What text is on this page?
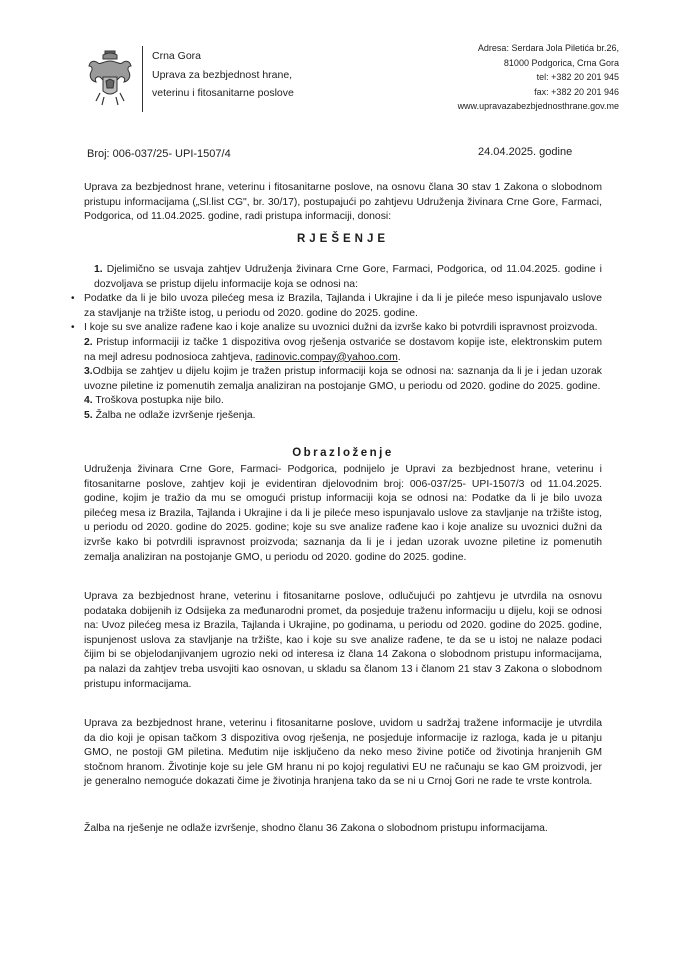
Crna Gora
Uprava za bezbjednost hrane,
veterinu i fitosanitarne poslove
Adresa: Serdara Jola Piletića br.26,
81000 Podgorica, Crna Gora
tel: +382 20 201 945
fax: +382 20 201 946
www.upravazabezbjednosthrane.gov.me
Broj: 006-037/25- UPI-1507/4	24.04.2025. godine
Uprava za bezbjednost hrane, veterinu i fitosanitarne poslove, na osnovu člana 30 stav 1 Zakona o slobodnom pristupu informacijama („Sl.list CG", br. 30/17), postupajući po zahtjevu Udruženja živinara Crne Gore, Farmaci, Podgorica, od 11.04.2025. godine, radi pristupa informaciji, donosi:
RJEŠENJE
1. Djelimično se usvaja zahtjev Udruženja živinara Crne Gore, Farmaci, Podgorica, od 11.04.2025. godine i dozvoljava se pristup dijelu informacije koja se odnosi na:
• Podatke da li je bilo uvoza pilećeg mesa iz Brazila, Tajlanda i Ukrajine i da li je pileće meso ispunjavalo uslove za stavljanje na tržište istog, u periodu od 2020. godine do 2025. godine.
• I koje su sve analize rađene kao i koje analize su uvoznici dužni da izvrše kako bi potvrdili ispravnost proizvoda.
2. Pristup informaciji iz tačke 1 dispozitiva ovog rješenja ostvariće se dostavom kopije iste, elektronskim putem na mejl adresu podnosioca zahtjeva, radinovic.compay@yahoo.com.
3.Odbija se zahtjev u dijelu kojim je tražen pristup informaciji koja se odnosi na: saznanja da li je i jedan uzorak uvozne piletine iz pomenutih zemalja analiziran na postojanje GMO, u periodu od 2020. godine do 2025. godine.
4. Troškova postupka nije bilo.
5. Žalba ne odlaže izvršenje rješenja.
Obrazloženje
Udruženja živinara Crne Gore, Farmaci- Podgorica, podnijelo je Upravi za bezbjednost hrane, veterinu i fitosanitarne poslove, zahtjev koji je evidentiran djelovodnim broj: 006-037/25- UPI-1507/3 od 11.04.2025. godine, kojim je tražio da mu se omogući pristup informaciji koja se odnosi na: Podatke da li je bilo uvoza pilećeg mesa iz Brazila, Tajlanda i Ukrajine i da li je pileće meso ispunjavalo uslove za stavljanje na tržište istog, u periodu od 2020. godine do 2025. godine; koje su sve analize rađene kao i koje analize su uvoznici dužni da izvrše kako bi potvrdili ispravnost proizvoda; saznanja da li je i jedan uzorak uvozne piletine iz pomenutih zemalja analiziran na postojanje GMO, u periodu od 2020. godine do 2025. godine.
Uprava za bezbjednost hrane, veterinu i fitosanitarne poslove, odlučujući po zahtjevu je utvrdila na osnovu podataka dobijenih iz Odsijeka za međunarodni promet, da posjeduje traženu informaciju u dijelu, koji se odnosi na: Uvoz pilećeg mesa iz Brazila, Tajlanda i Ukrajine, po godinama, u periodu od 2020. godine do 2025. godine, ispunjenost uslova za stavljanje na tržište, kao i koje su sve analize rađene, te da se u istoj ne nalaze podaci čijim bi se objelodanjivanjem ugrozio neki od interesa iz člana 14 Zakona o slobodnom pristupu informacijama, pa nalazi da zahtjev treba usvojiti kao osnovan, u skladu sa članom 13 i članom 21 stav 3 Zakona o slobodnom pristupu informacijama.
Uprava za bezbjednost hrane, veterinu i fitosanitarne poslove, uvidom u sadržaj tražene informacije je utvrdila da dio koji je opisan tačkom 3 dispozitiva ovog rješenja, ne posjeduje informacije iz razloga, kada je u pitanju GMO, ne postoji GM piletina. Međutim nije isključeno da neko meso živine potiče od životinja hranjenih GM stočnom hranom. Životinje koje su jele GM hranu ni po kojoj regulativi EU ne računaju se kao GM proizvodi, jer je generalno nemoguće dokazati čime je životinja hranjena tako da se ni u Crnoj Gori ne rade te vrste kontrola.
Žalba na rješenje ne odlaže izvršenje, shodno članu 36 Zakona o slobodnom pristupu informacijama.
